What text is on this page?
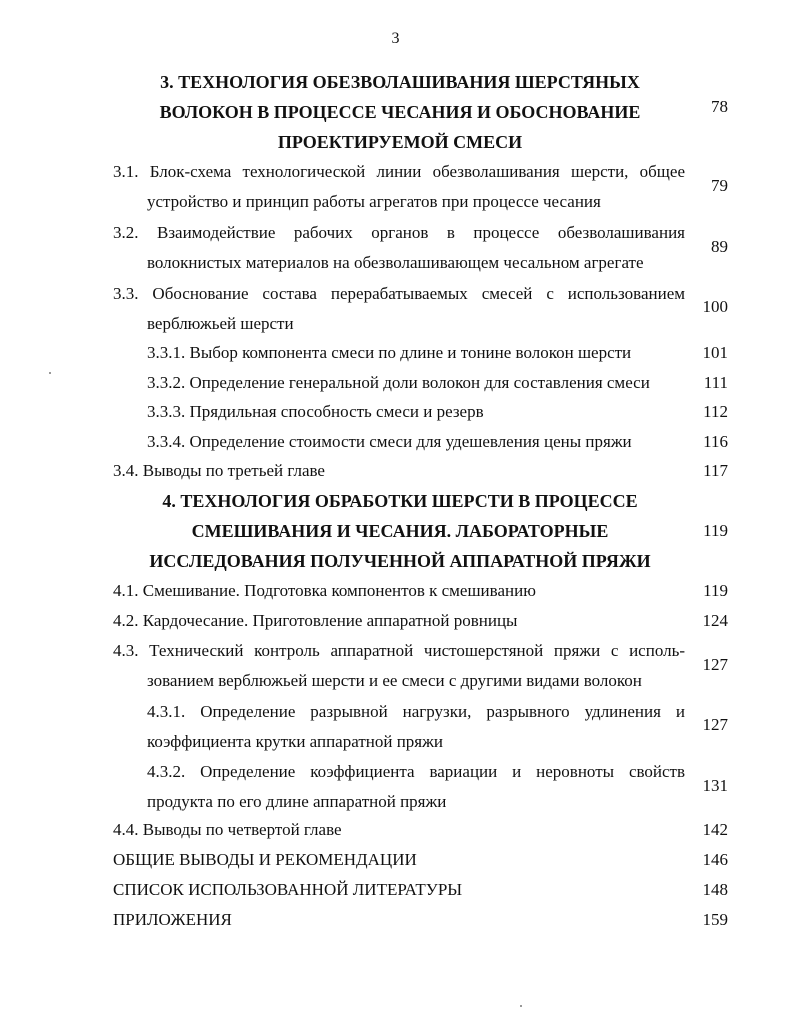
3
3. ТЕХНОЛОГИЯ ОБЕЗВОЛАШИВАНИЯ ШЕРСТЯНЫХ
ВОЛОКОН В ПРОЦЕССЕ ЧЕСАНИЯ И ОБОСНОВАНИЕ
ПРОЕКТИРУЕМОЙ СМЕСИ
78
3.1. Блок-схема технологической линии обезволашивания шерсти, общее
устройство и принцип работы агрегатов при процессе чесания
79
3.2. Взаимодействие рабочих органов в процессе обезволашивания
волокнистых материалов на обезволашивающем чесальном агрегате
89
3.3. Обоснование состава перерабатываемых смесей с использованием
верблюжьей шерсти
100
3.3.1. Выбор компонента смеси по длине и тонине волокон шерсти	101
3.3.2. Определение генеральной доли волокон для составления смеси	111
3.3.3. Прядильная способность смеси и резерв	112
3.3.4. Определение стоимости смеси для удешевления цены пряжи	116
3.4. Выводы по третьей главе	117
4. ТЕХНОЛОГИЯ ОБРАБОТКИ ШЕРСТИ В ПРОЦЕССЕ
СМЕШИВАНИЯ И ЧЕСАНИЯ. ЛАБОРАТОРНЫЕ
ИССЛЕДОВАНИЯ ПОЛУЧЕННОЙ АППАРАТНОЙ ПРЯЖИ
119
4.1. Смешивание. Подготовка компонентов к смешиванию	119
4.2. Кардочесание. Приготовление аппаратной ровницы	124
4.3. Технический контроль аппаратной чистошерстяной пряжи с исполь-
зованием верблюжьей шерсти и ее смеси с другими видами волокон
127
4.3.1. Определение разрывной нагрузки, разрывного удлинения и
коэффициента крутки аппаратной пряжи
127
4.3.2. Определение коэффициента вариации и неровноты свойств
продукта по его длине аппаратной пряжи
131
4.4. Выводы по четвертой главе	142
ОБЩИЕ ВЫВОДЫ И РЕКОМЕНДАЦИИ	146
СПИСОК ИСПОЛЬЗОВАННОЙ ЛИТЕРАТУРЫ	148
ПРИЛОЖЕНИЯ	159
